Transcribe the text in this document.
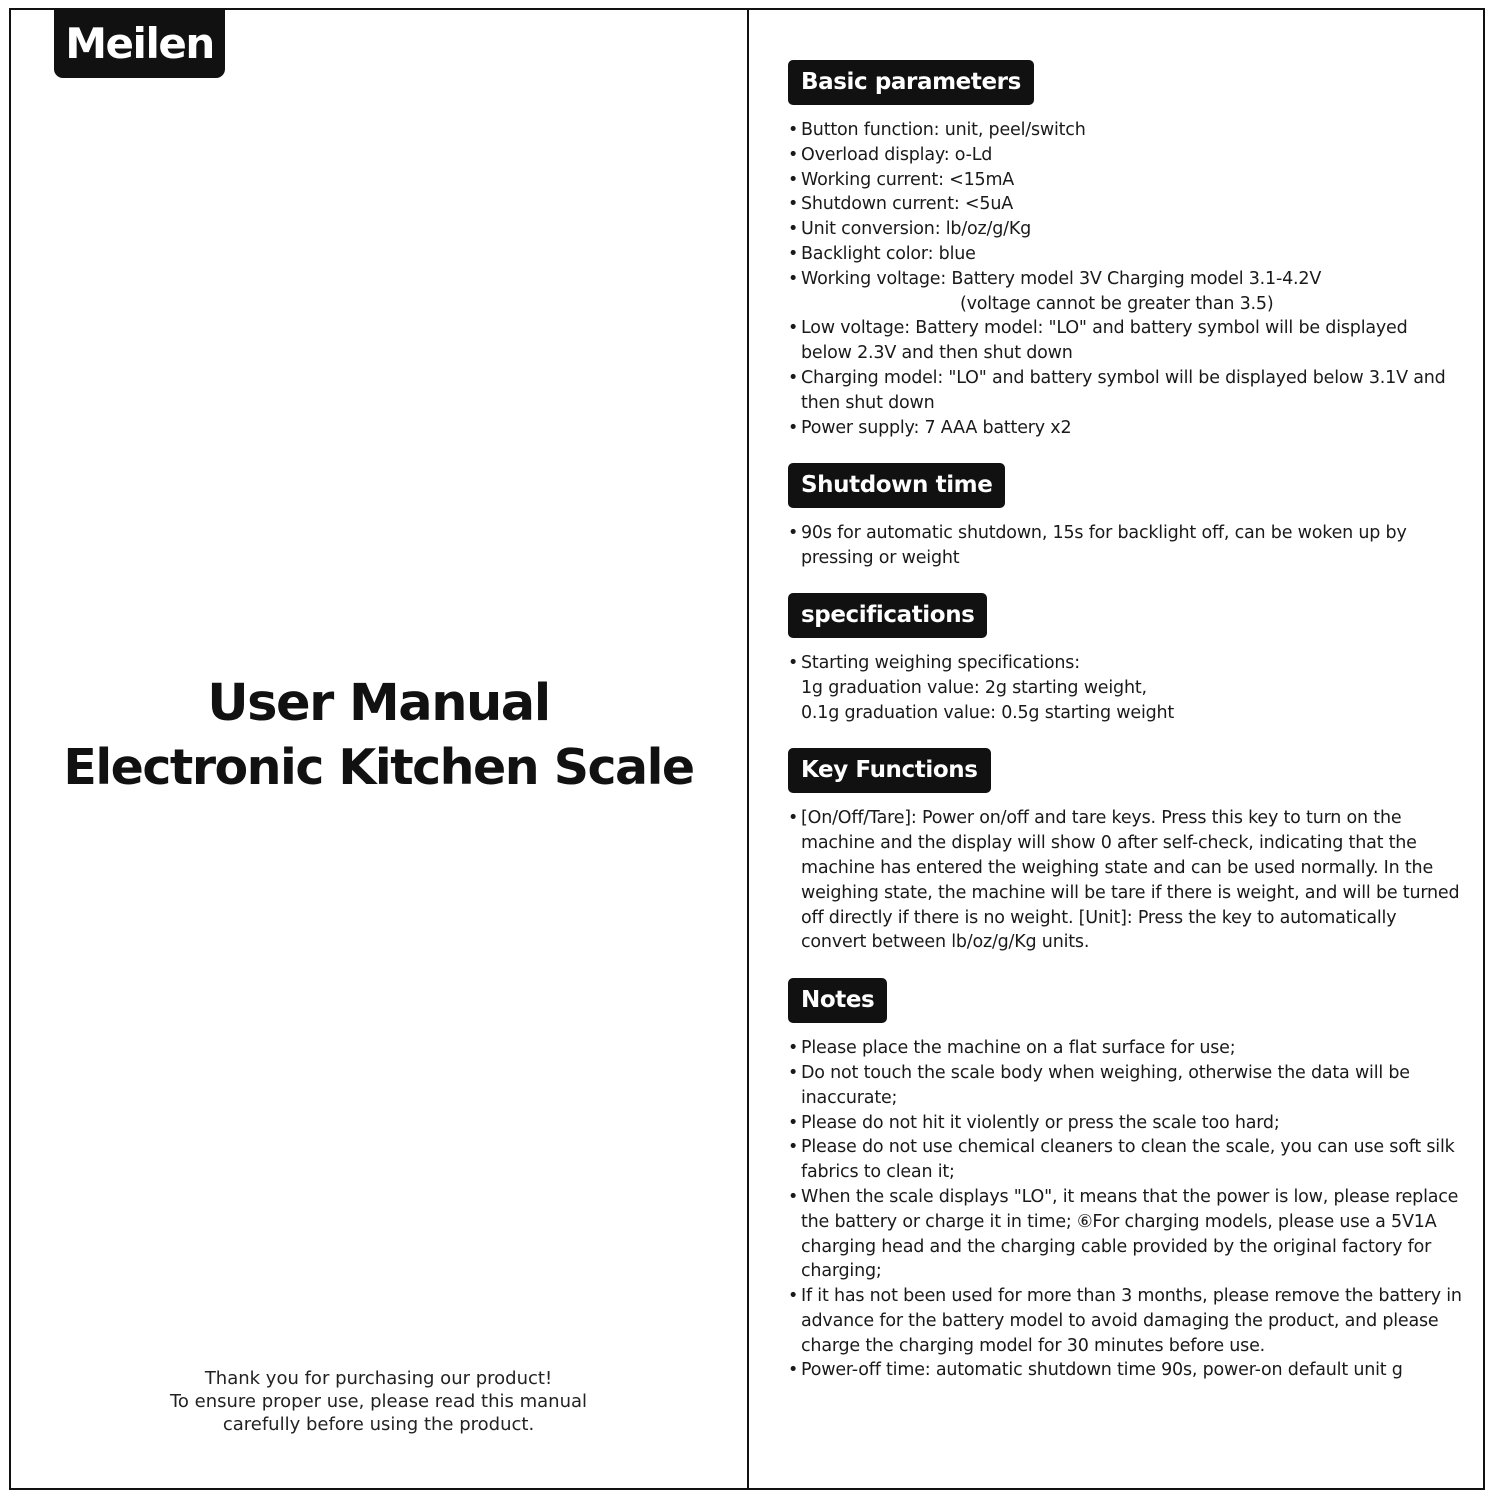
Meilen
User Manual
Electronic Kitchen Scale
Thank you for purchasing our product!
To ensure proper use, please read this manual
carefully before using the product.
Basic parameters
• Button function: unit, peel/switch
• Overload display: o-Ld
• Working current: <15mA
• Shutdown current: <5uA
• Unit conversion: lb/oz/g/Kg
• Backlight color: blue
• Working voltage: Battery model 3V Charging model 3.1-4.2V
(voltage cannot be greater than 3.5)
• Low voltage: Battery model: "LO" and battery symbol will be displayed below 2.3V and then shut down
• Charging model: "LO" and battery symbol will be displayed below 3.1V and then shut down
• Power supply: 7 AAA battery x2
Shutdown time
• 90s for automatic shutdown, 15s for backlight off, can be woken up by pressing or weight
specifications
• Starting weighing specifications:
1g graduation value: 2g starting weight,
0.1g graduation value: 0.5g starting weight
Key Functions
• [On/Off/Tare]: Power on/off and tare keys. Press this key to turn on the machine and the display will show 0 after self-check, indicating that the machine has entered the weighing state and can be used normally. In the weighing state, the machine will be tare if there is weight, and will be turned off directly if there is no weight. [Unit]: Press the key to automatically convert between lb/oz/g/Kg units.
Notes
• Please place the machine on a flat surface for use;
• Do not touch the scale body when weighing, otherwise the data will be inaccurate;
• Please do not hit it violently or press the scale too hard;
• Please do not use chemical cleaners to clean the scale, you can use soft silk fabrics to clean it;
• When the scale displays "LO", it means that the power is low, please replace the battery or charge it in time; ⑥For charging models, please use a 5V1A charging head and the charging cable provided by the original factory for charging;
• If it has not been used for more than 3 months, please remove the battery in advance for the battery model to avoid damaging the product, and please charge the charging model for 30 minutes before use.
• Power-off time: automatic shutdown time 90s, power-on default unit g
